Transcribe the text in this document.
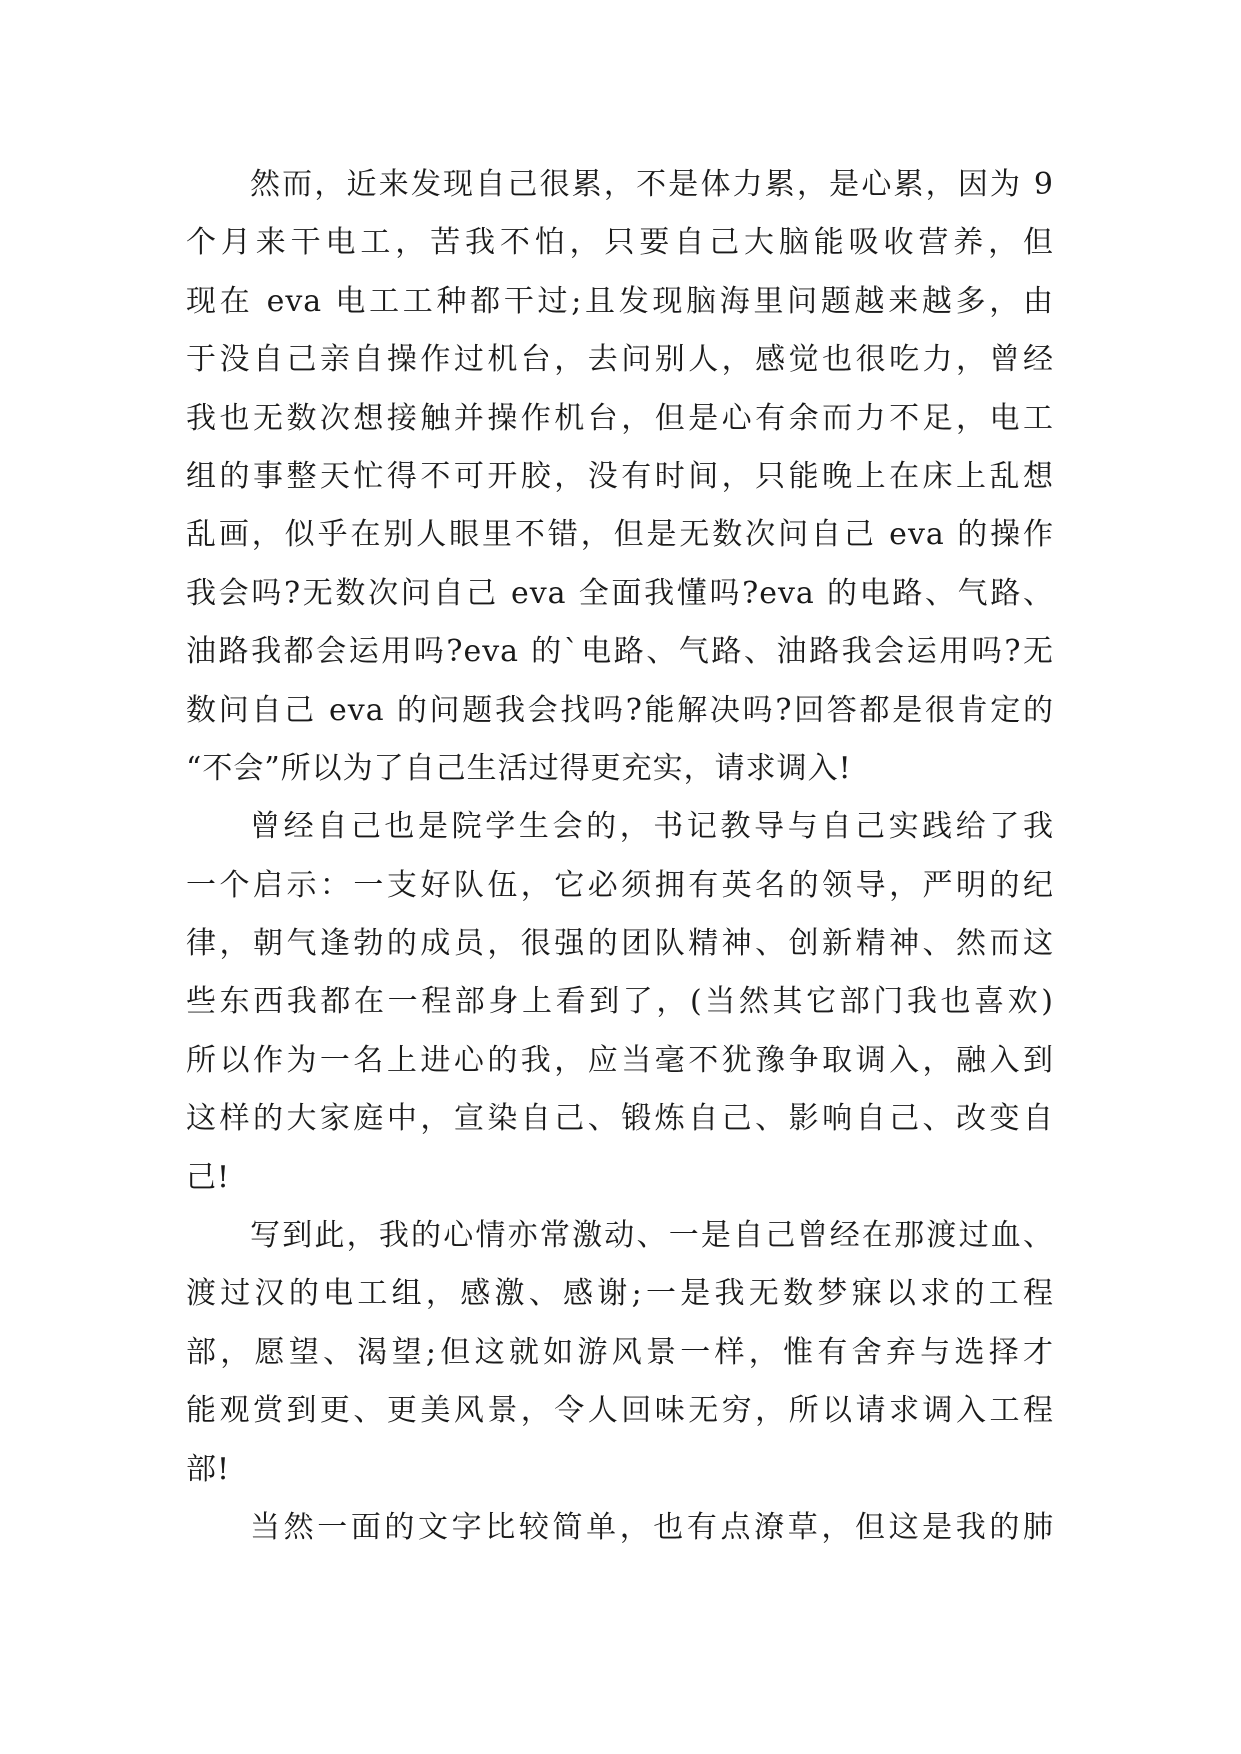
然而，近来发现自己很累，不是体力累，是心累，因为 9
个月来干电工，苦我不怕，只要自己大脑能吸收营养，但
现在 eva 电工工种都干过;且发现脑海里问题越来越多，由
于没自己亲自操作过机台，去问别人，感觉也很吃力，曾经
我也无数次想接触并操作机台，但是心有余而力不足，电工
组的事整天忙得不可开胶，没有时间，只能晚上在床上乱想
乱画，似乎在别人眼里不错，但是无数次问自己 eva 的操作
我会吗?无数次问自己 eva 全面我懂吗?eva 的电路、气路、
油路我都会运用吗?eva 的`电路、气路、油路我会运用吗?无
数问自己 eva 的问题我会找吗?能解决吗?回答都是很肯定的
“不会”所以为了自己生活过得更充实，请求调入!
曾经自己也是院学生会的，书记教导与自己实践给了我
一个启示：一支好队伍，它必须拥有英名的领导，严明的纪
律，朝气逢勃的成员，很强的团队精神、创新精神、然而这
些东西我都在一程部身上看到了，(当然其它部门我也喜欢)
所以作为一名上进心的我，应当毫不犹豫争取调入，融入到
这样的大家庭中，宣染自己、锻炼自己、影响自己、改变自
己!
写到此，我的心情亦常激动、一是自己曾经在那渡过血、
渡过汉的电工组，感激、感谢;一是我无数梦寐以求的工程
部，愿望、渴望;但这就如游风景一样，惟有舍弃与选择才
能观赏到更、更美风景，令人回味无穷，所以请求调入工程
部!
当然一面的文字比较简单，也有点潦草，但这是我的肺
